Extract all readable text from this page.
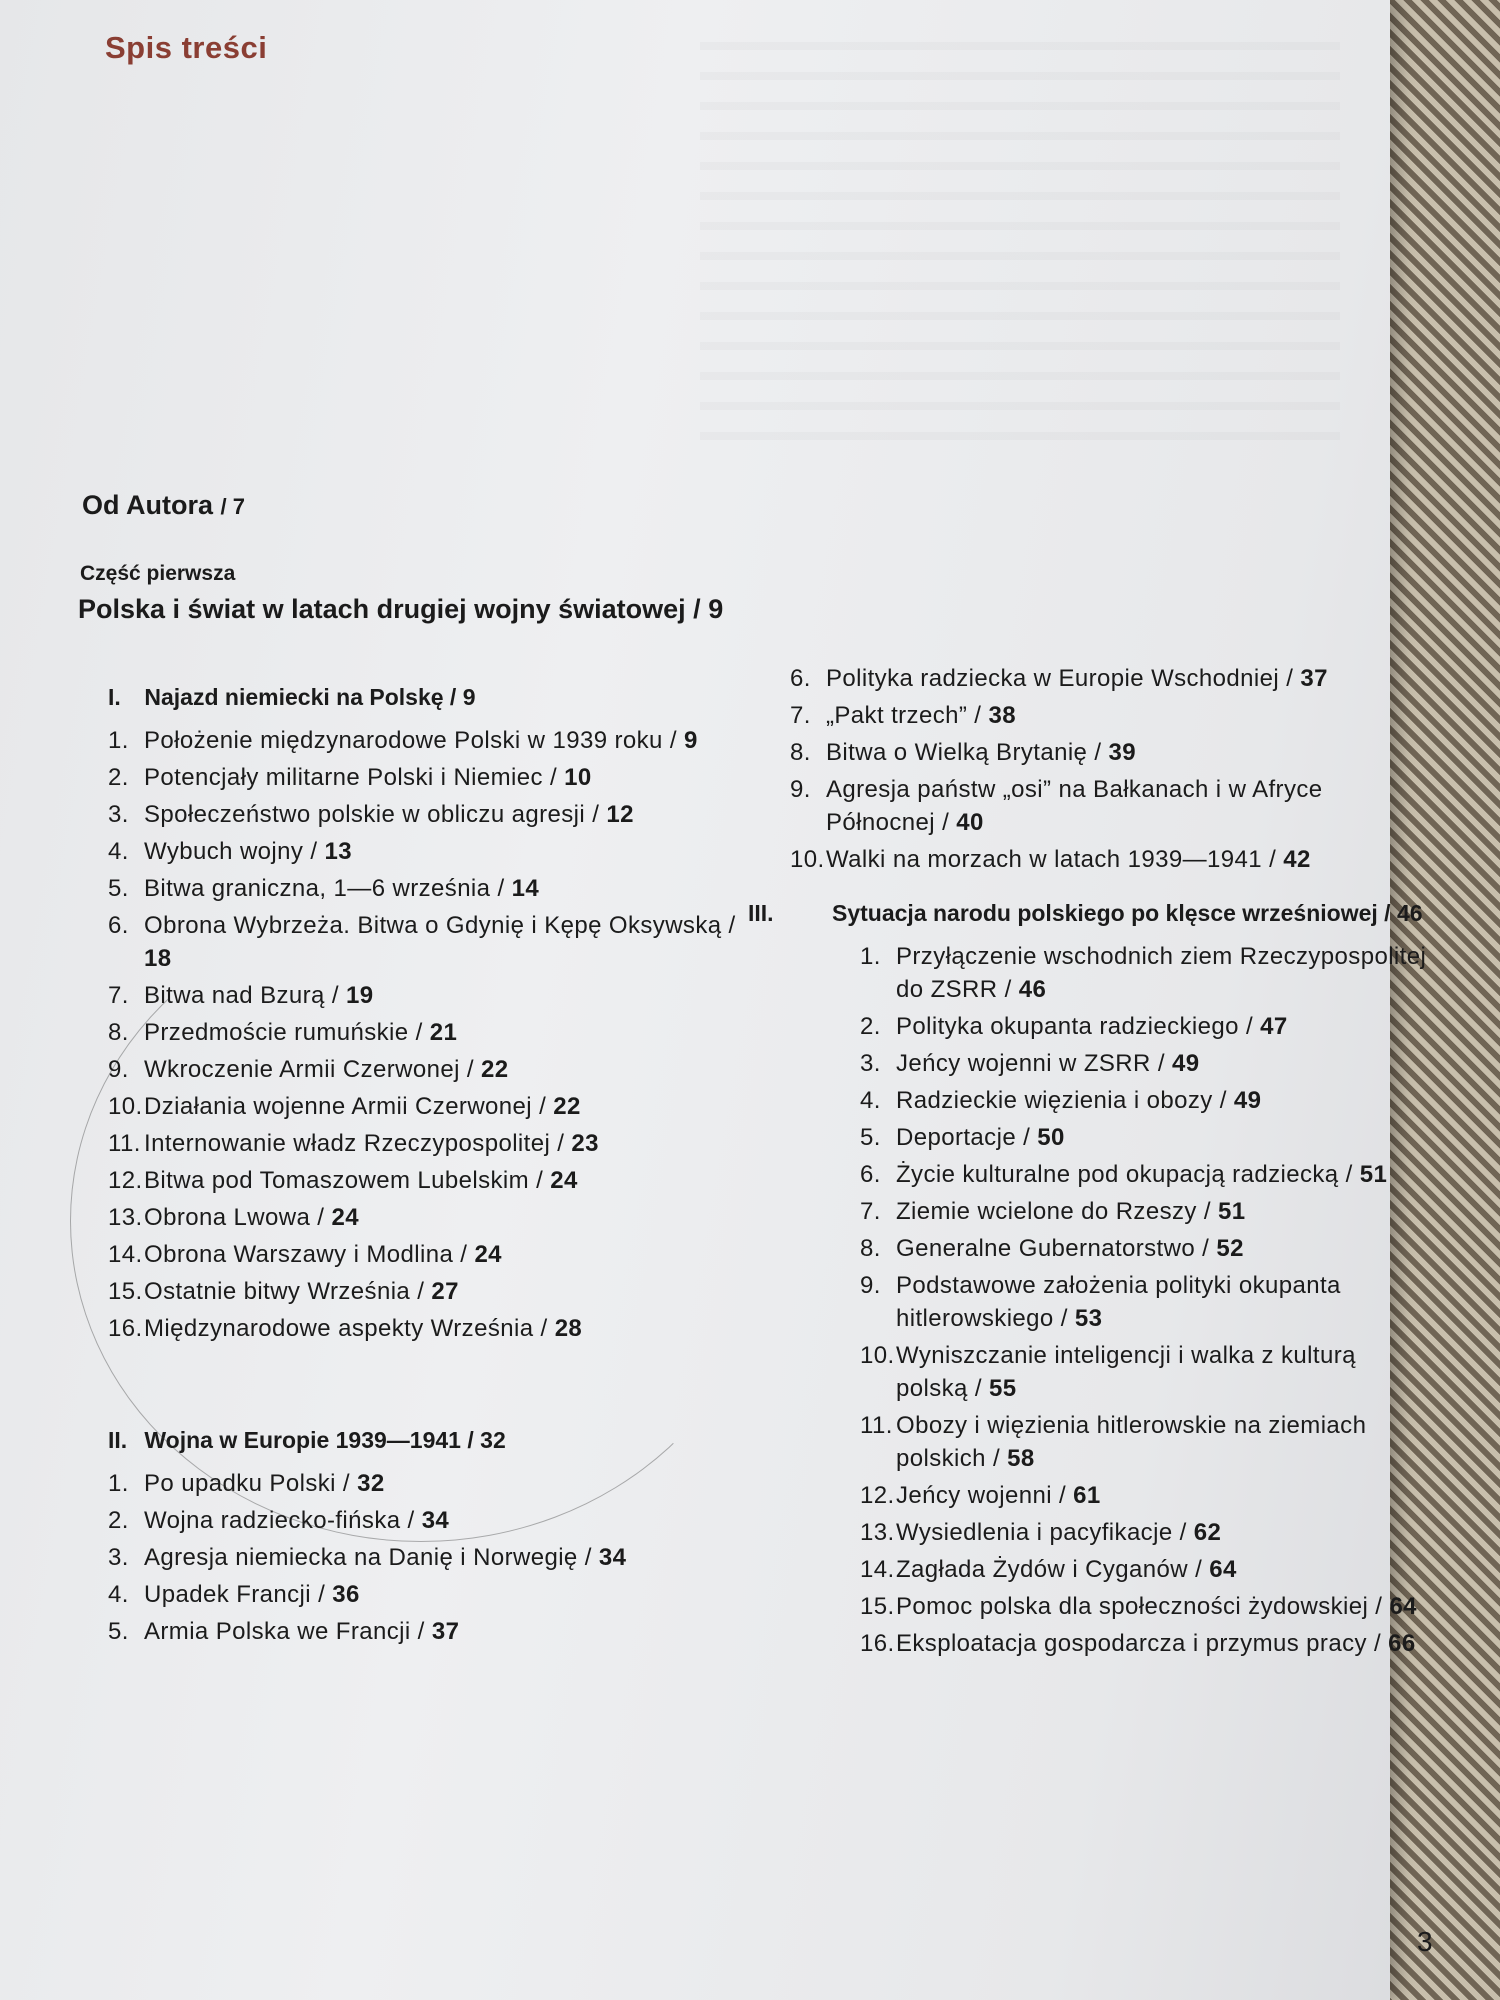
Spis treści
Od Autora / 7
Część pierwsza
Polska i świat w latach drugiej wojny światowej / 9
I. Najazd niemiecki na Polskę / 9
1. Położenie międzynarodowe Polski w 1939 roku / 9
2. Potencjały militarne Polski i Niemiec / 10
3. Społeczeństwo polskie w obliczu agresji / 12
4. Wybuch wojny / 13
5. Bitwa graniczna, 1—6 września / 14
6. Obrona Wybrzeża. Bitwa o Gdynię i Kępę Oksywską / 18
7. Bitwa nad Bzurą / 19
8. Przedmoście rumuńskie / 21
9. Wkroczenie Armii Czerwonej / 22
10.Działania wojenne Armii Czerwonej / 22
11. Internowanie władz Rzeczypospolitej / 23
12.Bitwa pod Tomaszowem Lubelskim / 24
13.Obrona Lwowa / 24
14.Obrona Warszawy i Modlina / 24
15.Ostatnie bitwy Września / 27
16.Międzynarodowe aspekty Września / 28
II. Wojna w Europie 1939—1941 / 32
1. Po upadku Polski / 32
2. Wojna radziecko-fińska / 34
3. Agresja niemiecka na Danię i Norwegię / 34
4. Upadek Francji / 36
5. Armia Polska we Francji / 37
6. Polityka radziecka w Europie Wschodniej / 37
7. „Pakt trzech” / 38
8. Bitwa o Wielką Brytanię / 39
9. Agresja państw „osi” na Bałkanach i w Afryce Północnej / 40
10.Walki na morzach w latach 1939—1941 / 42
III.	Sytuacja narodu polskiego po klęsce wrześniowej / 46
1. Przyłączenie wschodnich ziem Rzeczypospolitej do ZSRR / 46
2. Polityka okupanta radzieckiego / 47
3. Jeńcy wojenni w ZSRR / 49
4. Radzieckie więzienia i obozy / 49
5. Deportacje / 50
6. Życie kulturalne pod okupacją radziecką / 51
7. Ziemie wcielone do Rzeszy / 51
8. Generalne Gubernatorstwo / 52
9. Podstawowe założenia polityki okupanta hitlerowskiego / 53
10.Wyniszczanie inteligencji i walka z kulturą polską / 55
11. Obozy i więzienia hitlerowskie na ziemiach polskich / 58
12.Jeńcy wojenni / 61
13.Wysiedlenia i pacyfikacje / 62
14.Zagłada Żydów i Cyganów / 64
15.Pomoc polska dla społeczności żydowskiej / 64
16.Eksploatacja gospodarcza i przymus pracy / 66
3
